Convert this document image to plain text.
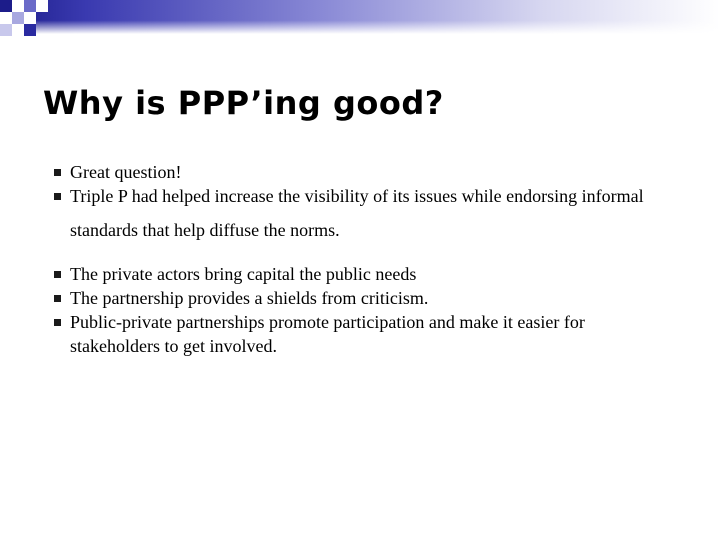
Why is PPP’ing good?
Great question!
Triple P had helped increase the visibility of its issues while endorsing informal standards that help diffuse the norms.
The private actors bring capital the public needs
The partnership provides a shields from criticism.
Public-private partnerships promote participation and make it easier for stakeholders to get involved.
